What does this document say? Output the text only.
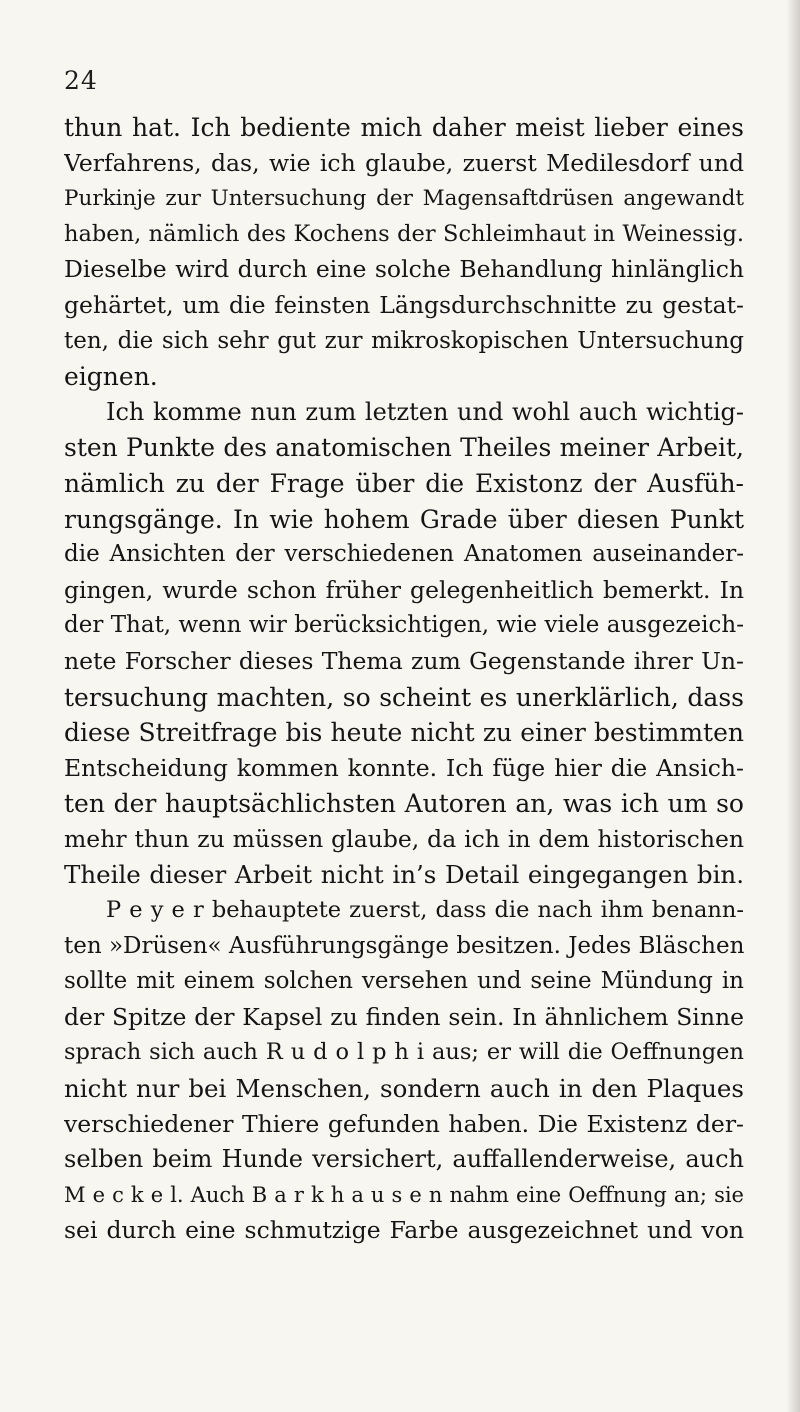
24
thun hat. Ich bediente mich daher meist lieber eines
Verfahrens, das, wie ich glaube, zuerst Medilesdorf und
Purkinje zur Untersuchung der Magensaftdrüsen angewandt
haben, nämlich des Kochens der Schleimhaut in Weinessig.
Dieselbe wird durch eine solche Behandlung hinlänglich
gehärtet, um die feinsten Längsdurchschnitte zu gestat-
ten, die sich sehr gut zur mikroskopischen Untersuchung
eignen.
Ich komme nun zum letzten und wohl auch wichtig-
sten Punkte des anatomischen Theiles meiner Arbeit,
nämlich zu der Frage über die Existonz der Ausfüh-
rungsgänge. In wie hohem Grade über diesen Punkt
die Ansichten der verschiedenen Anatomen auseinander-
gingen, wurde schon früher gelegenheitlich bemerkt. In
der That, wenn wir berücksichtigen, wie viele ausgezeich-
nete Forscher dieses Thema zum Gegenstande ihrer Un-
tersuchung machten, so scheint es unerklärlich, dass
diese Streitfrage bis heute nicht zu einer bestimmten
Entscheidung kommen konnte. Ich füge hier die Ansich-
ten der hauptsächlichsten Autoren an, was ich um so
mehr thun zu müssen glaube, da ich in dem historischen
Theile dieser Arbeit nicht in’s Detail eingegangen bin.
P e y e r behauptete zuerst, dass die nach ihm benann-
ten »Drüsen« Ausführungsgänge besitzen. Jedes Bläschen
sollte mit einem solchen versehen und seine Mündung in
der Spitze der Kapsel zu finden sein. In ähnlichem Sinne
sprach sich auch R u d o l p h i aus; er will die Oeffnungen
nicht nur bei Menschen, sondern auch in den Plaques
verschiedener Thiere gefunden haben. Die Existenz der-
selben beim Hunde versichert, auffallenderweise, auch
M e c k e l. Auch B a r k h a u s e n nahm eine Oeffnung an; sie
sei durch eine schmutzige Farbe ausgezeichnet und von
